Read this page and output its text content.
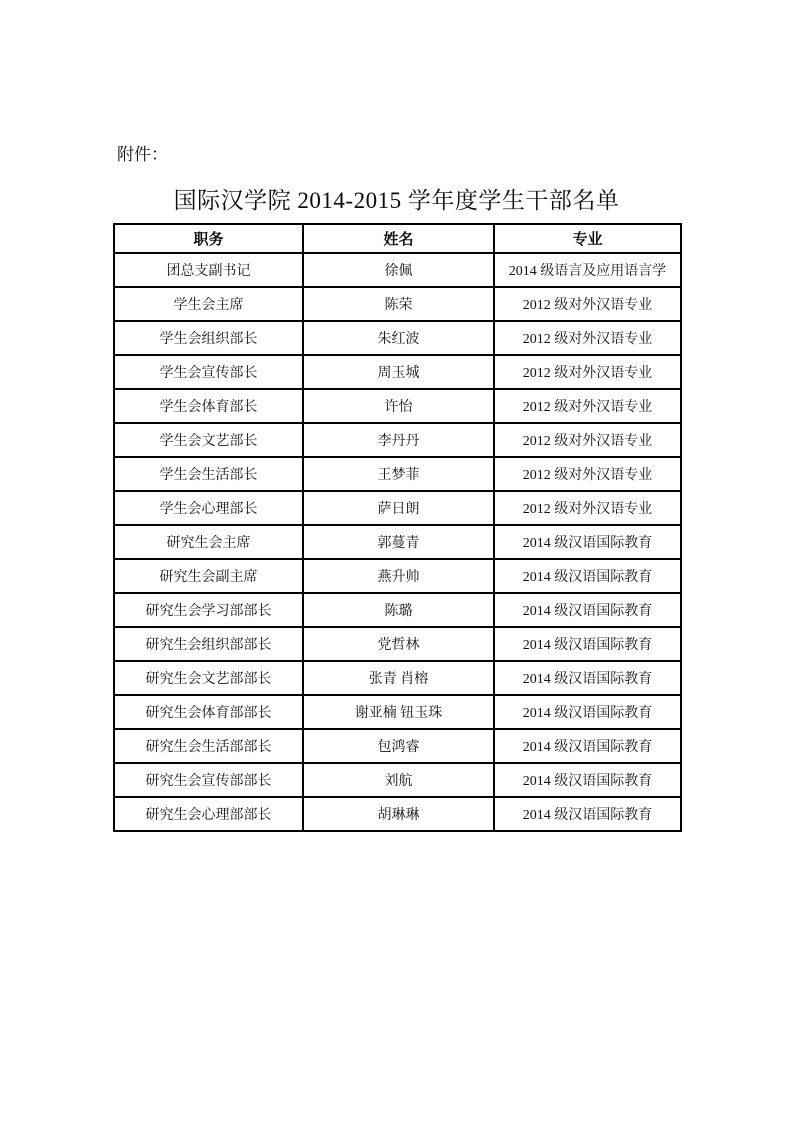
附件：
国际汉学院 2014-2015 学年度学生干部名单
职务	姓名	专业
团总支副书记	徐佩	2014 级语言及应用语言学
学生会主席	陈荣	2012 级对外汉语专业
学生会组织部长	朱红波	2012 级对外汉语专业
学生会宣传部长	周玉城	2012 级对外汉语专业
学生会体育部长	许怡	2012 级对外汉语专业
学生会文艺部长	李丹丹	2012 级对外汉语专业
学生会生活部长	王梦菲	2012 级对外汉语专业
学生会心理部长	萨日朗	2012 级对外汉语专业
研究生会主席	郭蔓青	2014 级汉语国际教育
研究生会副主席	燕升帅	2014 级汉语国际教育
研究生会学习部部长	陈璐	2014 级汉语国际教育
研究生会组织部部长	党哲林	2014 级汉语国际教育
研究生会文艺部部长	张青 肖榕	2014 级汉语国际教育
研究生会体育部部长	谢亚楠 钮玉珠	2014 级汉语国际教育
研究生会生活部部长	包鸿睿	2014 级汉语国际教育
研究生会宣传部部长	刘航	2014 级汉语国际教育
研究生会心理部部长	胡琳琳	2014 级汉语国际教育
